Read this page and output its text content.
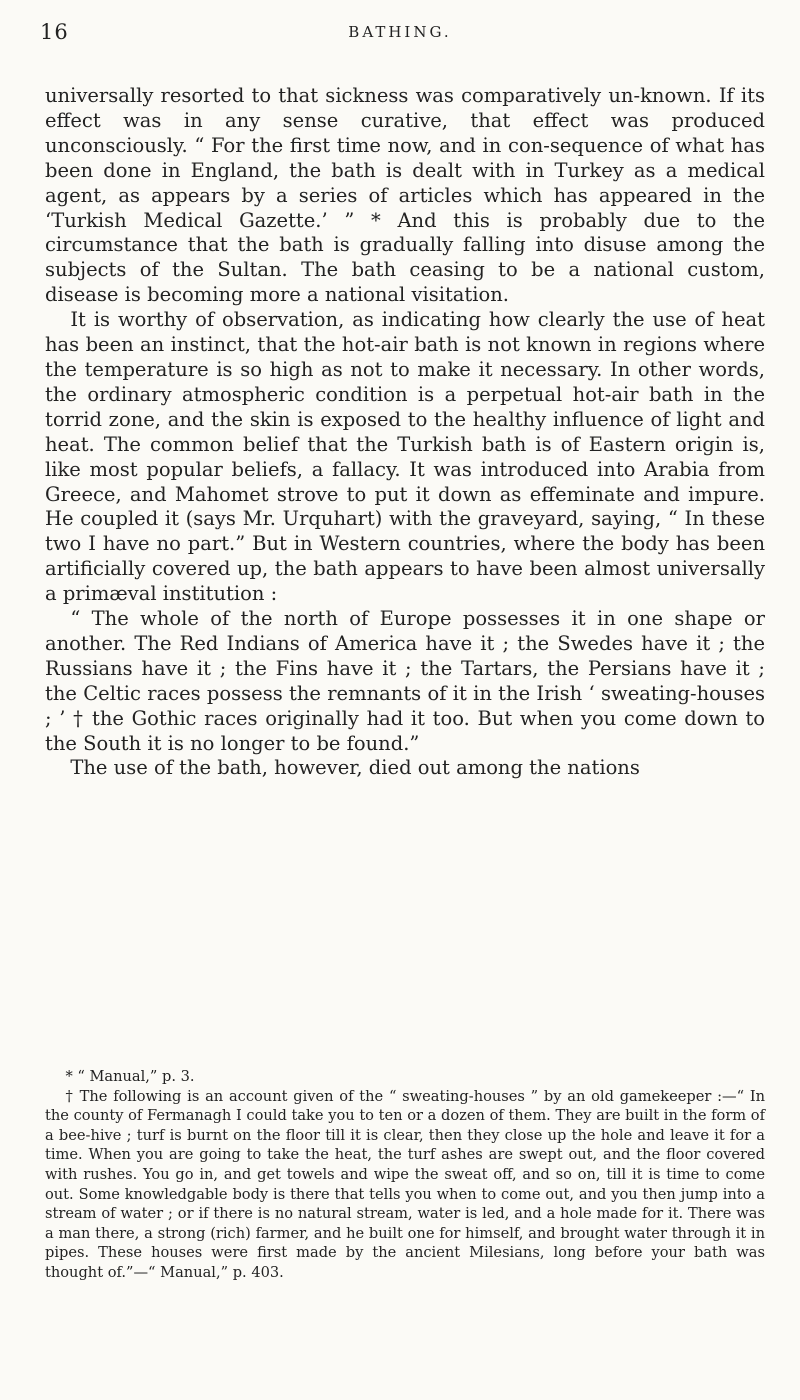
16	BATHING.

universally resorted to that sickness was comparatively un-known. If its effect was in any sense curative, that effect was produced unconsciously. “ For the first time now, and in con-sequence of what has been done in England, the bath is dealt with in Turkey as a medical agent, as appears by a series of articles which has appeared in the ‘Turkish Medical Gazette.’ ” * And this is probably due to the circumstance that the bath is gradually falling into disuse among the subjects of the Sultan. The bath ceasing to be a national custom, disease is becoming more a national visitation.

It is worthy of observation, as indicating how clearly the use of heat has been an instinct, that the hot-air bath is not known in regions where the temperature is so high as not to make it necessary. In other words, the ordinary atmospheric condition is a perpetual hot-air bath in the torrid zone, and the skin is exposed to the healthy influence of light and heat. The common belief that the Turkish bath is of Eastern origin is, like most popular beliefs, a fallacy. It was introduced into Arabia from Greece, and Mahomet strove to put it down as effeminate and impure. He coupled it (says Mr. Urquhart) with the graveyard, saying, “ In these two I have no part.” But in Western countries, where the body has been artificially covered up, the bath appears to have been almost universally a primæval institution :

“ The whole of the north of Europe possesses it in one shape or another. The Red Indians of America have it ; the Swedes have it ; the Russians have it ; the Fins have it ; the Tartars, the Persians have it ; the Celtic races possess the remnants of it in the Irish ‘ sweating-houses ; ’ † the Gothic races originally had it too. But when you come down to the South it is no longer to be found.”

The use of the bath, however, died out among the nations

* “ Manual,” p. 3.

† The following is an account given of the “ sweating-houses ” by an old gamekeeper :—“ In the county of Fermanagh I could take you to ten or a dozen of them. They are built in the form of a bee-hive ; turf is burnt on the floor till it is clear, then they close up the hole and leave it for a time. When you are going to take the heat, the turf ashes are swept out, and the floor covered with rushes. You go in, and get towels and wipe the sweat off, and so on, till it is time to come out. Some knowledgable body is there that tells you when to come out, and you then jump into a stream of water ; or if there is no natural stream, water is led, and a hole made for it. There was a man there, a strong (rich) farmer, and he built one for himself, and brought water through it in pipes. These houses were first made by the ancient Milesians, long before your bath was thought of.”—“ Manual,” p. 403.
